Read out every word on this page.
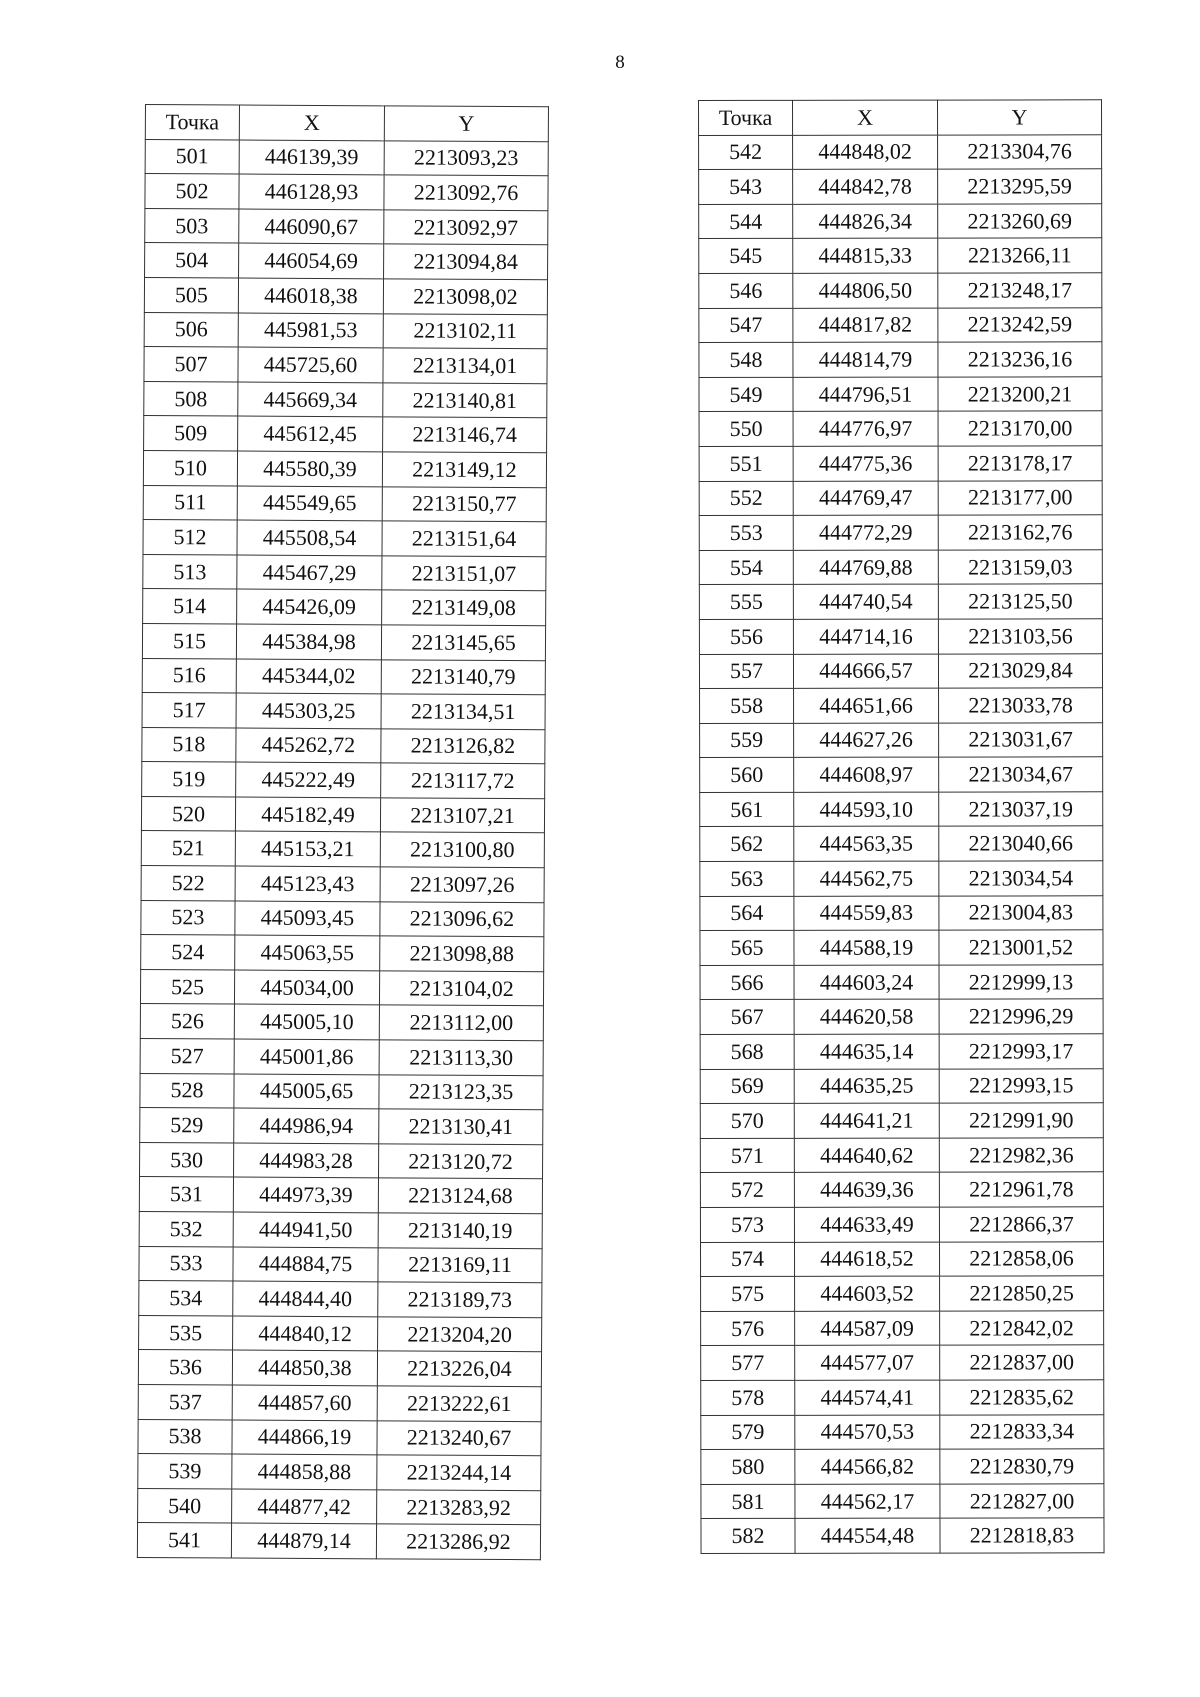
8
Точка	X	Y
501	446139,39	2213093,23
502	446128,93	2213092,76
503	446090,67	2213092,97
504	446054,69	2213094,84
505	446018,38	2213098,02
506	445981,53	2213102,11
507	445725,60	2213134,01
508	445669,34	2213140,81
509	445612,45	2213146,74
510	445580,39	2213149,12
511	445549,65	2213150,77
512	445508,54	2213151,64
513	445467,29	2213151,07
514	445426,09	2213149,08
515	445384,98	2213145,65
516	445344,02	2213140,79
517	445303,25	2213134,51
518	445262,72	2213126,82
519	445222,49	2213117,72
520	445182,49	2213107,21
521	445153,21	2213100,80
522	445123,43	2213097,26
523	445093,45	2213096,62
524	445063,55	2213098,88
525	445034,00	2213104,02
526	445005,10	2213112,00
527	445001,86	2213113,30
528	445005,65	2213123,35
529	444986,94	2213130,41
530	444983,28	2213120,72
531	444973,39	2213124,68
532	444941,50	2213140,19
533	444884,75	2213169,11
534	444844,40	2213189,73
535	444840,12	2213204,20
536	444850,38	2213226,04
537	444857,60	2213222,61
538	444866,19	2213240,67
539	444858,88	2213244,14
540	444877,42	2213283,92
541	444879,14	2213286,92
Точка	X	Y
542	444848,02	2213304,76
543	444842,78	2213295,59
544	444826,34	2213260,69
545	444815,33	2213266,11
546	444806,50	2213248,17
547	444817,82	2213242,59
548	444814,79	2213236,16
549	444796,51	2213200,21
550	444776,97	2213170,00
551	444775,36	2213178,17
552	444769,47	2213177,00
553	444772,29	2213162,76
554	444769,88	2213159,03
555	444740,54	2213125,50
556	444714,16	2213103,56
557	444666,57	2213029,84
558	444651,66	2213033,78
559	444627,26	2213031,67
560	444608,97	2213034,67
561	444593,10	2213037,19
562	444563,35	2213040,66
563	444562,75	2213034,54
564	444559,83	2213004,83
565	444588,19	2213001,52
566	444603,24	2212999,13
567	444620,58	2212996,29
568	444635,14	2212993,17
569	444635,25	2212993,15
570	444641,21	2212991,90
571	444640,62	2212982,36
572	444639,36	2212961,78
573	444633,49	2212866,37
574	444618,52	2212858,06
575	444603,52	2212850,25
576	444587,09	2212842,02
577	444577,07	2212837,00
578	444574,41	2212835,62
579	444570,53	2212833,34
580	444566,82	2212830,79
581	444562,17	2212827,00
582	444554,48	2212818,83
